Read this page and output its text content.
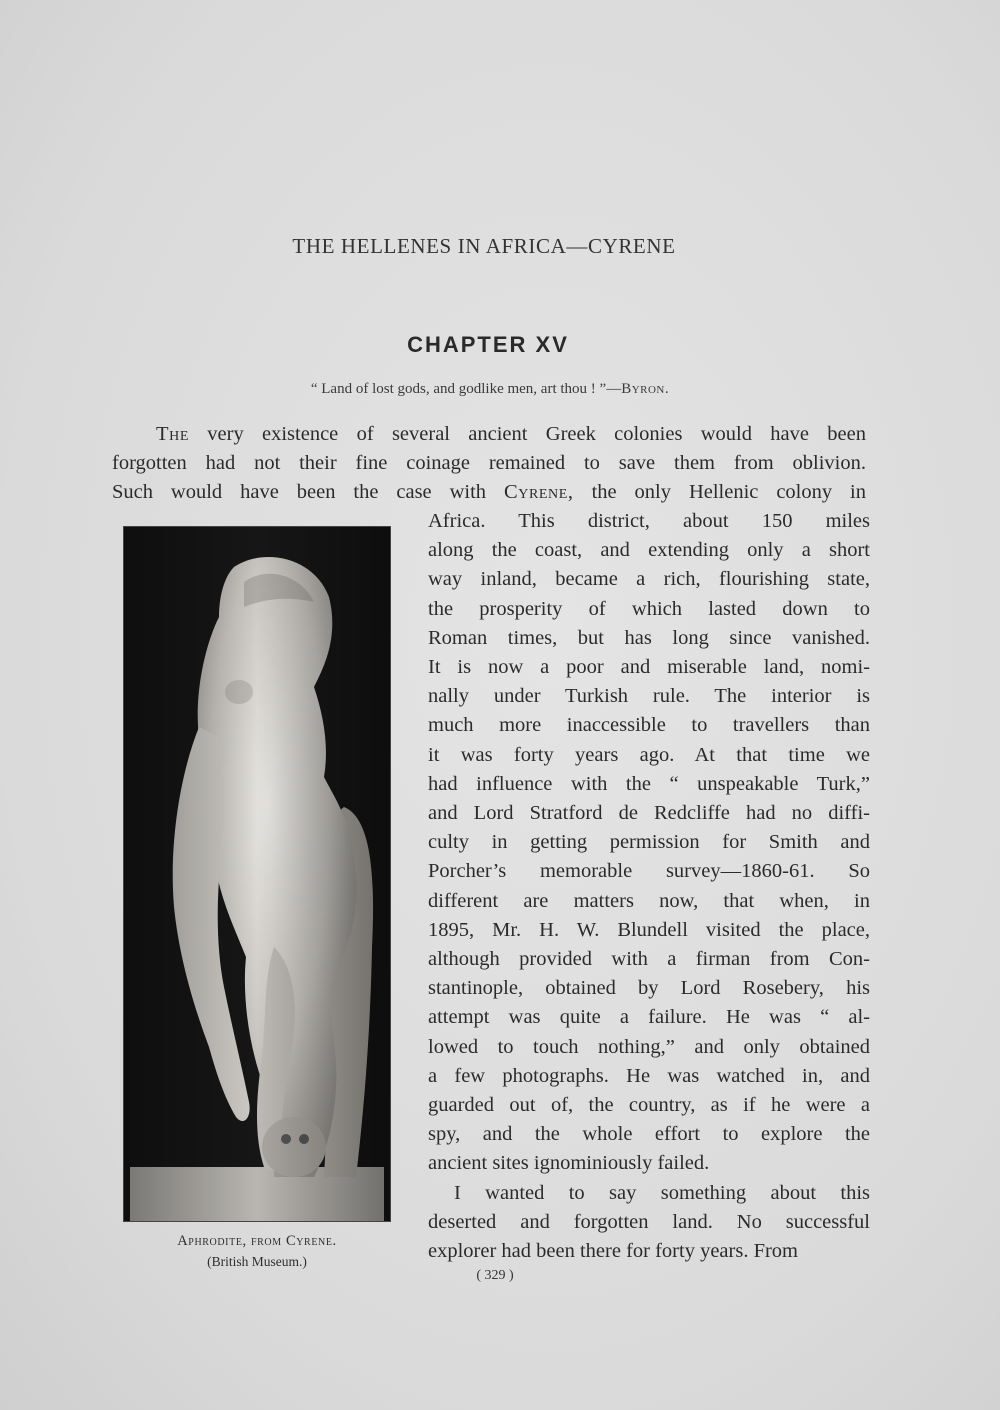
THE HELLENES IN AFRICA—CYRENE
CHAPTER XV
“ Land of lost gods, and godlike men, art thou ! ”—Byron.
The very existence of several ancient Greek colonies would have been
forgotten had not their fine coinage remained to save them from oblivion.
Such would have been the case with Cyrene, the only Hellenic colony in
Africa. This district, about 150 miles
along the coast, and extending only a short
way inland, became a rich, flourishing state,
the prosperity of which lasted down to
Roman times, but has long since vanished.
It is now a poor and miserable land, nomi-
nally under Turkish rule. The interior is
much more inaccessible to travellers than
it was forty years ago. At that time we
had influence with the “ unspeakable Turk,”
and Lord Stratford de Redcliffe had no diffi-
culty in getting permission for Smith and
Porcher’s memorable survey—1860-61. So
different are matters now, that when, in
1895, Mr. H. W. Blundell visited the place,
although provided with a firman from Con-
stantinople, obtained by Lord Rosebery, his
attempt was quite a failure. He was “ al-
lowed to touch nothing,” and only obtained
a few photographs. He was watched in, and
guarded out of, the country, as if he were a
spy, and the whole effort to explore the
ancient sites ignominiously failed.
I wanted to say something about this
deserted and forgotten land. No successful
explorer had been there for forty years. From
Aphrodite, from Cyrene.
(British Museum.)
( 329 )
